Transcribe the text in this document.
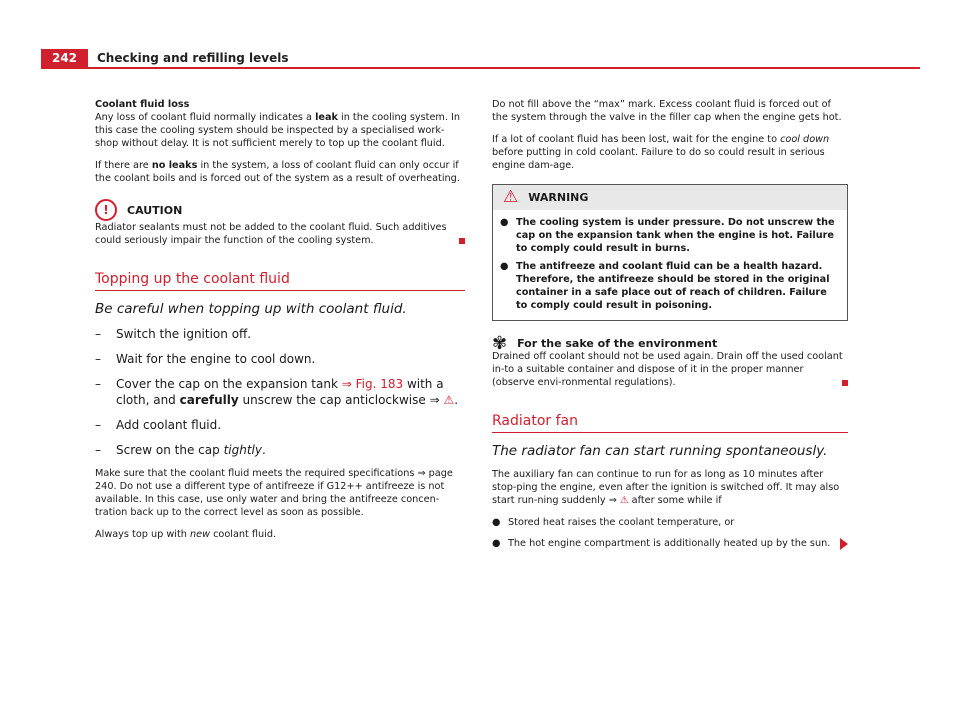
242	Checking and refilling levels

Coolant fluid loss

Any loss of coolant fluid normally indicates a leak in the cooling system. In this case the cooling system should be inspected by a specialised work-shop without delay. It is not sufficient merely to top up the coolant fluid.

If there are no leaks in the system, a loss of coolant fluid can only occur if the coolant boils and is forced out of the system as a result of overheating.

!	CAUTION

Radiator sealants must not be added to the coolant fluid. Such additives could seriously impair the function of the cooling system.

Topping up the coolant fluid
Be careful when topping up with coolant fluid.
–	Switch the ignition off.
–	Wait for the engine to cool down.
–	Cover the cap on the expansion tank ⇒ Fig. 183 with a cloth, and carefully unscrew the cap anticlockwise ⇒ ⚠.
–	Add coolant fluid.
–	Screw on the cap tightly.

Make sure that the coolant fluid meets the required specifications ⇒ page 240. Do not use a different type of antifreeze if G12++ antifreeze is not available. In this case, use only water and bring the antifreeze concen-tration back up to the correct level as soon as possible.

Always top up with new coolant fluid.

Do not fill above the “max” mark. Excess coolant fluid is forced out of the system through the valve in the filler cap when the engine gets hot.

If a lot of coolant fluid has been lost, wait for the engine to cool down before putting in cold coolant. Failure to do so could result in serious engine dam-age.

⚠ WARNING
● The cooling system is under pressure. Do not unscrew the cap on the expansion tank when the engine is hot. Failure to comply could result in burns.
● The antifreeze and coolant fluid can be a health hazard. Therefore, the antifreeze should be stored in the original container in a safe place out of reach of children. Failure to comply could result in poisoning.
✾ For the sake of the environment

Drained off coolant should not be used again. Drain off the used coolant in-to a suitable container and dispose of it in the proper manner (observe envi-ronmental regulations).

Radiator fan
The radiator fan can start running spontaneously.

The auxiliary fan can continue to run for as long as 10 minutes after stop-ping the engine, even after the ignition is switched off. It may also start run-ning suddenly ⇒ ⚠ after some while if

● Stored heat raises the coolant temperature, or
● The hot engine compartment is additionally heated up by the sun.
